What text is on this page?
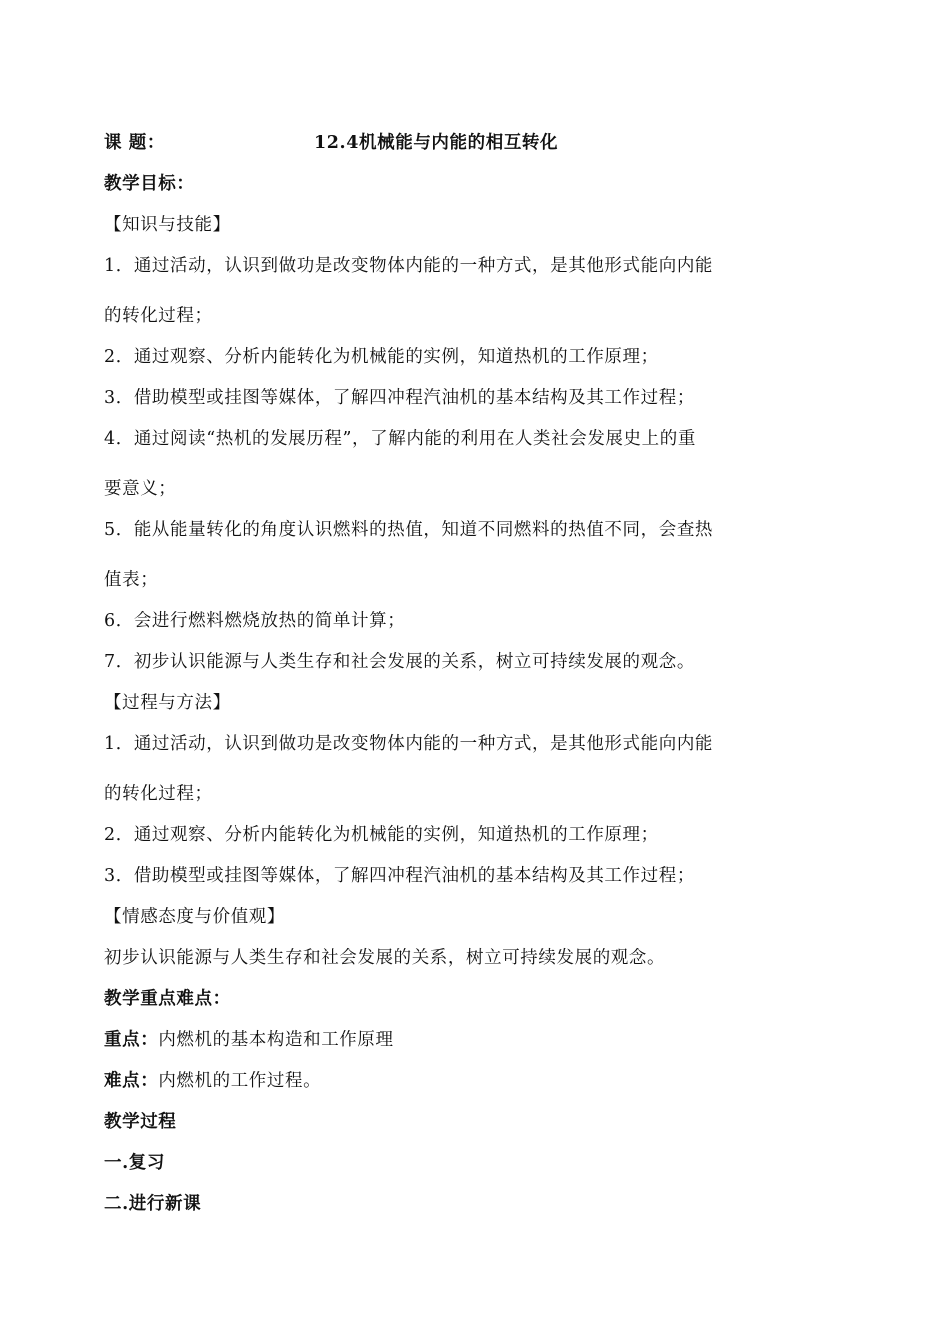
课 题：	12.4机械能与内能的相互转化
教学目标：
【知识与技能】
1．通过活动，认识到做功是改变物体内能的一种方式，是其他形式能向内能
的转化过程；
2．通过观察、分析内能转化为机械能的实例，知道热机的工作原理；
3．借助模型或挂图等媒体，了解四冲程汽油机的基本结构及其工作过程；
4．通过阅读“热机的发展历程”，了解内能的利用在人类社会发展史上的重
要意义；
5．能从能量转化的角度认识燃料的热值，知道不同燃料的热值不同，会查热
值表；
6．会进行燃料燃烧放热的简单计算；
7．初步认识能源与人类生存和社会发展的关系，树立可持续发展的观念。
【过程与方法】
1．通过活动，认识到做功是改变物体内能的一种方式，是其他形式能向内能
的转化过程；
2．通过观察、分析内能转化为机械能的实例，知道热机的工作原理；
3．借助模型或挂图等媒体，了解四冲程汽油机的基本结构及其工作过程；
【情感态度与价值观】
初步认识能源与人类生存和社会发展的关系，树立可持续发展的观念。
教学重点难点：
重点：内燃机的基本构造和工作原理
难点：内燃机的工作过程。
教学过程
一.复习
二.进行新课
